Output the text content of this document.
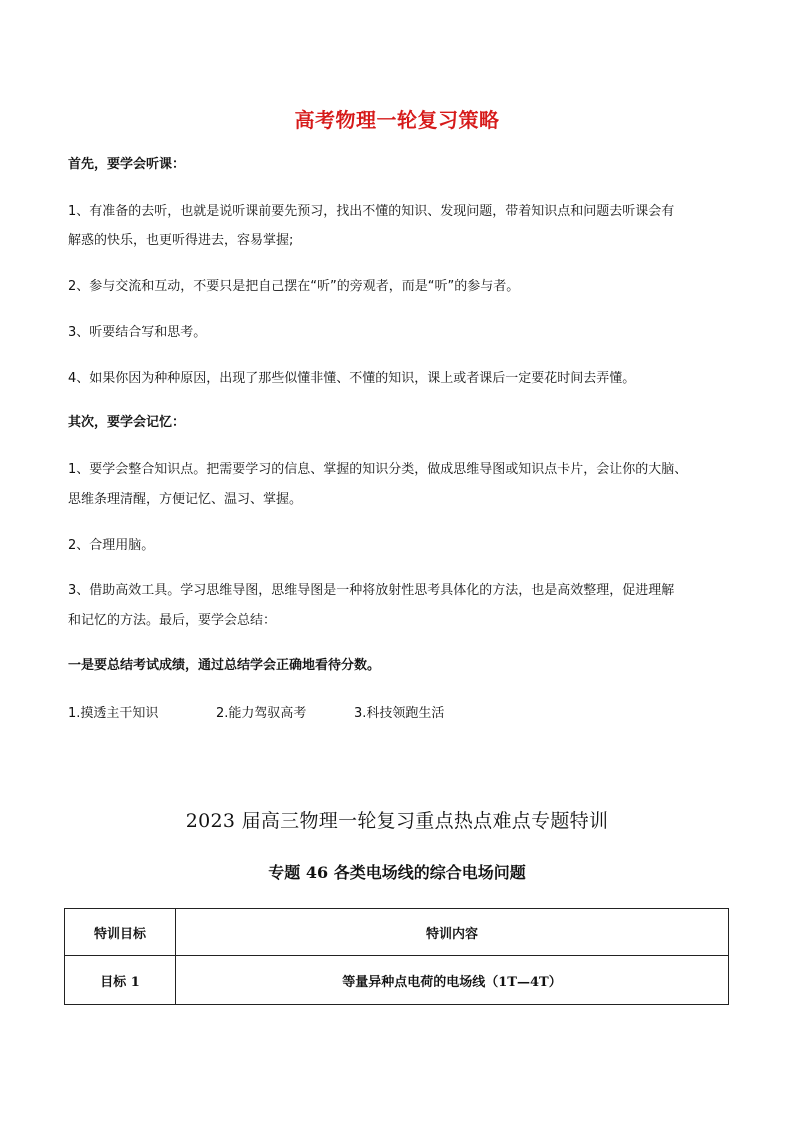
高考物理一轮复习策略
首先，要学会听课：
1、有准备的去听，也就是说听课前要先预习，找出不懂的知识、发现问题，带着知识点和问题去听课会有
解惑的快乐，也更听得进去，容易掌握;
2、参与交流和互动，不要只是把自己摆在“听”的旁观者，而是“听”的参与者。
3、听要结合写和思考。
4、如果你因为种种原因，出现了那些似懂非懂、不懂的知识，课上或者课后一定要花时间去弄懂。
其次，要学会记忆：
1、要学会整合知识点。把需要学习的信息、掌握的知识分类，做成思维导图或知识点卡片，会让你的大脑、
思维条理清醒，方便记忆、温习、掌握。
2、合理用脑。
3、借助高效工具。学习思维导图，思维导图是一种将放射性思考具体化的方法，也是高效整理，促进理解
和记忆的方法。最后，要学会总结：
一是要总结考试成绩，通过总结学会正确地看待分数。
1.摸透主干知识	2.能力驾驭高考	3.科技领跑生活
2023 届高三物理一轮复习重点热点难点专题特训
专题 46 各类电场线的综合电场问题
特训目标	特训内容
目标 1	等量异种点电荷的电场线（1T—4T）
